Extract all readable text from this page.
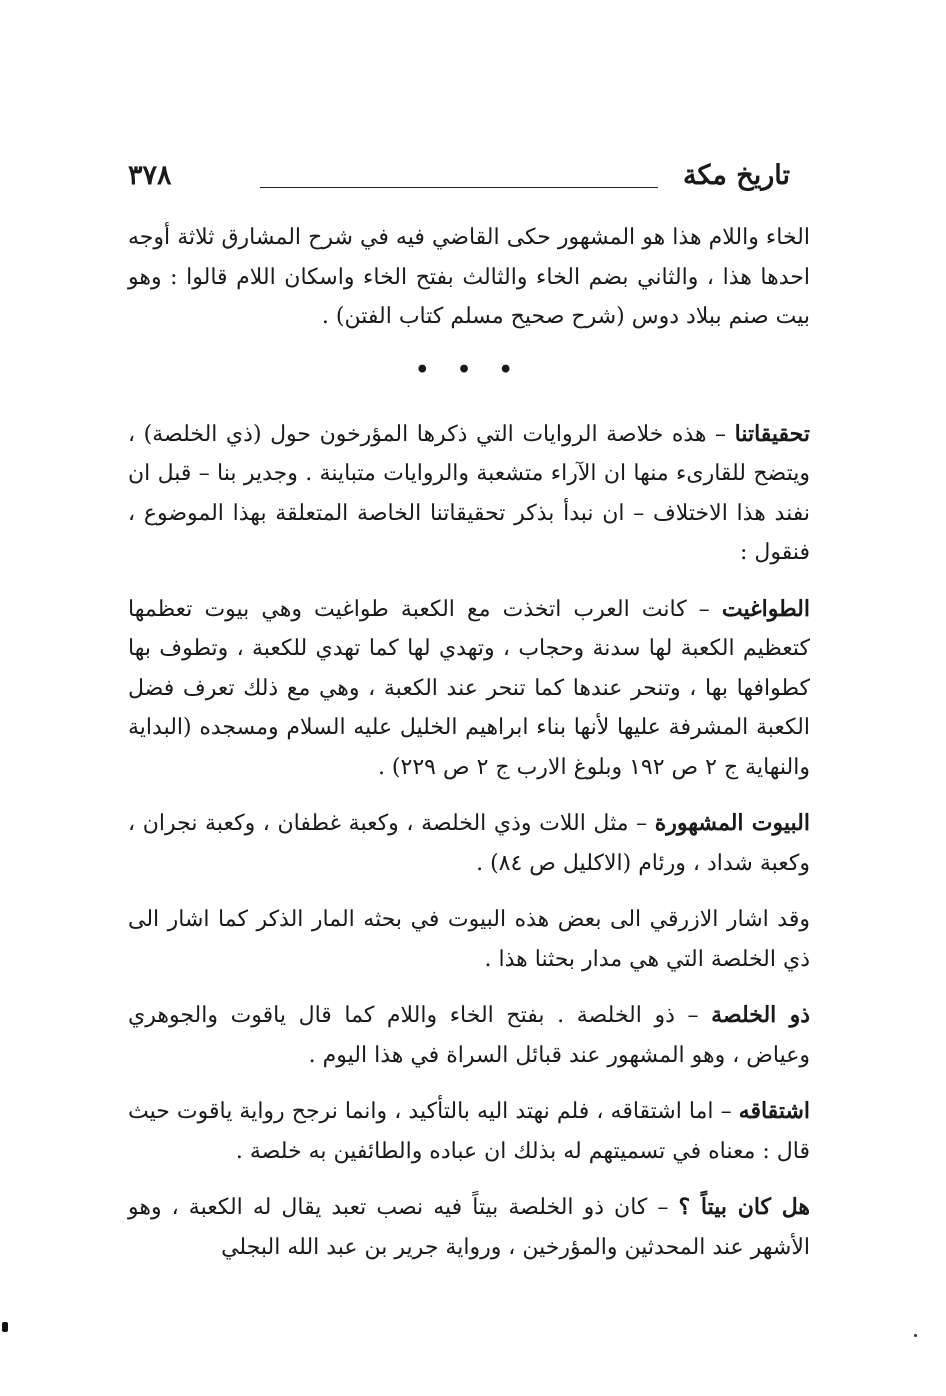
تاريخ مكة
٣٧٨

الخاء واللام هذا هو المشهور حكى القاضي فيه في شرح المشارق ثلاثة أوجه احدها هذا ، والثاني بضم الخاء والثالث بفتح الخاء واسكان اللام قالوا : وهو بيت صنم ببلاد دوس (شرح صحيح مسلم كتاب الفتن) .

• • •

تحقيقاتنا – هذه خلاصة الروايات التي ذكرها المؤرخون حول (ذي الخلصة) ، ويتضح للقارىء منها ان الآراء متشعبة والروايات متباينة . وجدير بنا – قبل ان نفند هذا الاختلاف – ان نبدأ بذكر تحقيقاتنا الخاصة المتعلقة بهذا الموضوع ، فنقول :

الطواغيت – كانت العرب اتخذت مع الكعبة طواغيت وهي بيوت تعظمها كتعظيم الكعبة لها سدنة وحجاب ، وتهدي لها كما تهدي للكعبة ، وتطوف بها كطوافها بها ، وتنحر عندها كما تنحر عند الكعبة ، وهي مع ذلك تعرف فضل الكعبة المشرفة عليها لأنها بناء ابراهيم الخليل عليه السلام ومسجده (البداية والنهاية ج ٢ ص ١٩٢ وبلوغ الارب ج ٢ ص ٢٢٩) .

البيوت المشهورة – مثل اللات وذي الخلصة ، وكعبة غطفان ، وكعبة نجران ، وكعبة شداد ، ورئام (الاكليل ص ٨٤) .

وقد اشار الازرقي الى بعض هذه البيوت في بحثه المار الذكر كما اشار الى ذي الخلصة التي هي مدار بحثنا هذا .

ذو الخلصة – ذو الخلصة . بفتح الخاء واللام كما قال ياقوت والجوهري وعياض ، وهو المشهور عند قبائل السراة في هذا اليوم .

اشتقاقه – اما اشتقاقه ، فلم نهتد اليه بالتأكيد ، وانما نرجح رواية ياقوت حيث قال : معناه في تسميتهم له بذلك ان عباده والطائفين به خلصة .

هل كان بيتاً ؟ – كان ذو الخلصة بيتاً فيه نصب تعبد يقال له الكعبة ، وهو الأشهر عند المحدثين والمؤرخين ، ورواية جرير بن عبد الله البجلي
